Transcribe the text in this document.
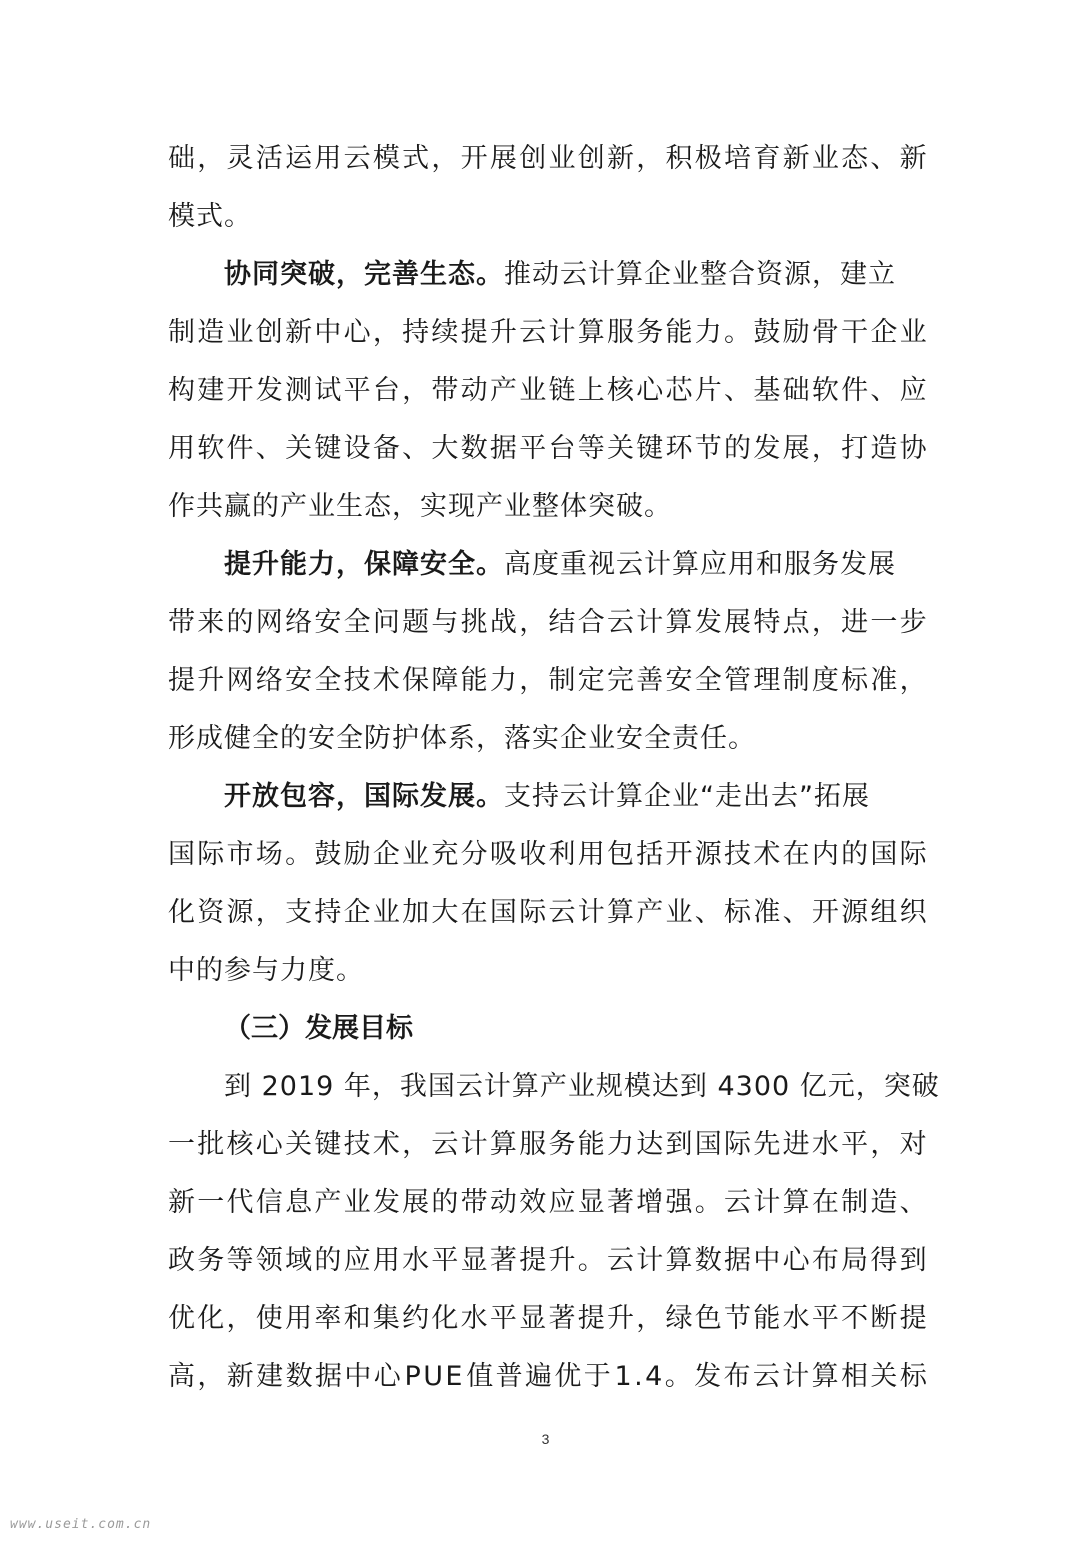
础 ， 灵 活 运 用 云 模 式 ， 开 展 创 业 创 新 ， 积 极 培 育 新 业 态 、 新
模式。
协同突破，完善生态。推动云计算企业整合资源，建立
制 造 业 创 新 中 心 ， 持 续 提 升 云 计 算 服 务 能 力 。 鼓 励 骨 干 企 业
构 建 开 发 测 试 平 台 ， 带 动 产 业 链 上 核 心 芯 片 、 基 础 软 件 、 应
用 软 件 、 关 键 设 备 、 大 数 据 平 台 等 关 键 环 节 的 发 展 ， 打 造 协
作共赢的产业生态，实现产业整体突破。
提升能力，保障安全。高度重视云计算应用和服务发展
带 来 的 网 络 安 全 问 题 与 挑 战 ， 结 合 云 计 算 发 展 特 点 ， 进 一 步
提 升 网 络 安 全 技 术 保 障 能 力 ， 制 定 完 善 安 全 管 理 制 度 标 准 ，
形成健全的安全防护体系，落实企业安全责任。
开放包容，国际发展。支持云计算企业“走出去”拓展
国 际 市 场 。 鼓 励 企 业 充 分 吸 收 利 用 包 括 开 源 技 术 在 内 的 国 际
化 资 源 ， 支 持 企 业 加 大 在 国 际 云 计 算 产 业 、 标 准 、 开 源 组 织
中的参与力度。
（三）发展目标
到 2019 年，我国云计算产业规模达到 4300 亿元，突破
一 批 核 心 关 键 技 术 ， 云 计 算 服 务 能 力 达 到 国 际 先 进 水 平 ， 对
新 一 代 信 息 产 业 发 展 的 带 动 效 应 显 著 增 强 。 云 计 算 在 制 造 、
政 务 等 领 域 的 应 用 水 平 显 著 提 升 。 云 计 算 数 据 中 心 布 局 得 到
优 化 ， 使 用 率 和 集 约 化 水 平 显 著 提 升 ， 绿 色 节 能 水 平 不 断 提
高 ， 新 建 数 据 中 心 P U E 值 普 遍 优 于 1 . 4 。 发 布 云 计 算 相 关 标
3
www.useit.com.cn
